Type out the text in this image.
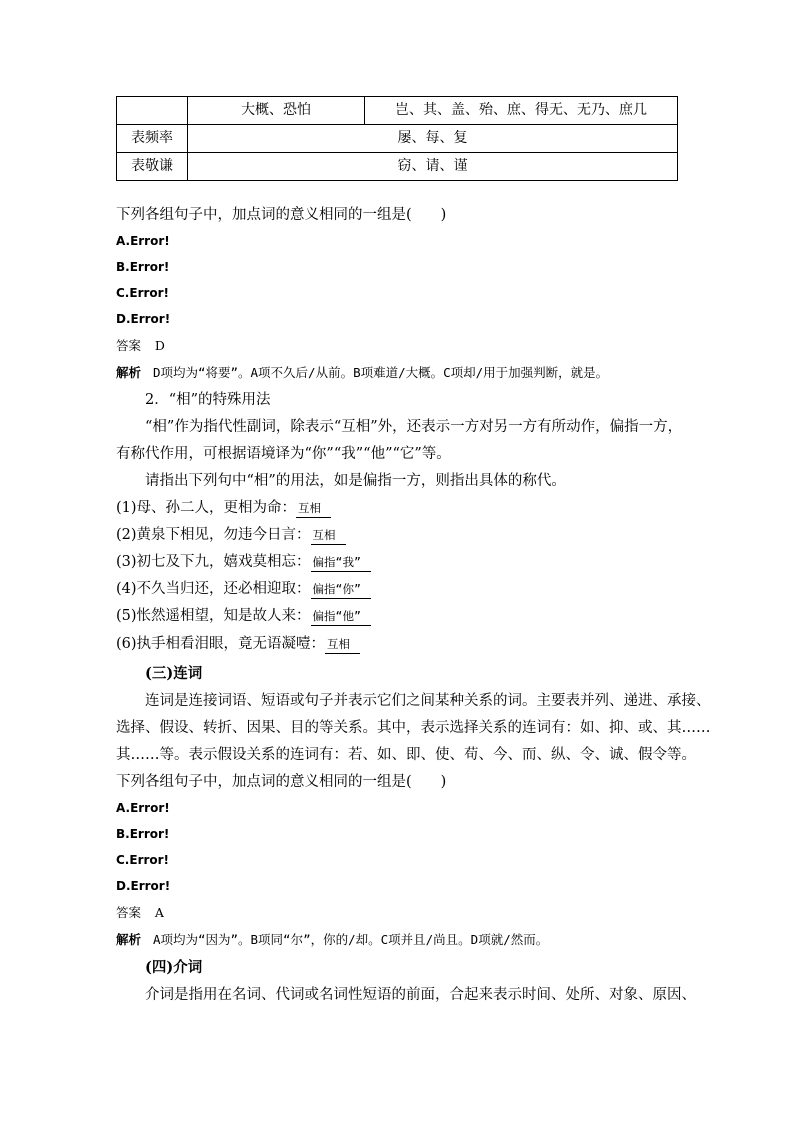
	大概、恐怕	岂、其、盖、殆、庶、得无、无乃、庶几
表频率	屡、每、复	
表敬谦	窃、请、谨	
下列各组句子中，加点词的意义相同的一组是(　　)
A.Error!
B.Error!
C.Error!
D.Error!
答案 D
解析 D项均为“将要”。A项不久后/从前。B项难道/大概。C项却/用于加强判断，就是。
2．“相”的特殊用法
“相”作为指代性副词，除表示“互相”外，还表示一方对另一方有所动作，偏指一方，
有称代作用，可根据语境译为“你”“我”“他”“它”等。
请指出下列句中“相”的用法，如是偏指一方，则指出具体的称代。
(1)母、孙二人，更相为命： 互相
(2)黄泉下相见，勿违今日言： 互相
(3)初七及下九，嬉戏莫相忘： 偏指“我”
(4)不久当归还，还必相迎取： 偏指“你”
(5)怅然遥相望，知是故人来： 偏指“他”
(6)执手相看泪眼，竟无语凝噎： 互相
(三)连词
连词是连接词语、短语或句子并表示它们之间某种关系的词。主要表并列、递进、承接、
选择、假设、转折、因果、目的等关系。其中，表示选择关系的连词有：如、抑、或、其……
其……等。表示假设关系的连词有：若、如、即、使、苟、今、而、纵、令、诚、假令等。
下列各组句子中，加点词的意义相同的一组是(　　)
A.Error!
B.Error!
C.Error!
D.Error!
答案 A
解析 A项均为“因为”。B项同“尔”，你的/却。C项并且/尚且。D项就/然而。
(四)介词
介词是指用在名词、代词或名词性短语的前面，合起来表示时间、处所、对象、原因、
